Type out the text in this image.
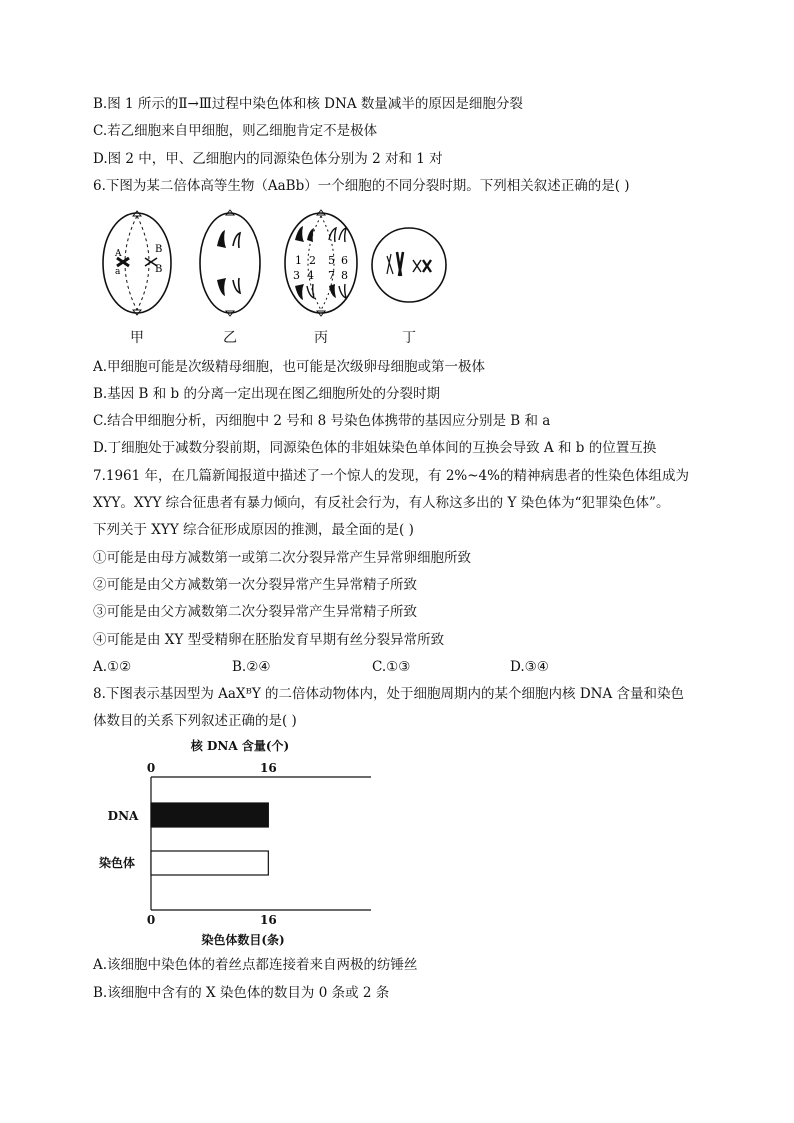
B.图 1 所示的Ⅱ→Ⅲ过程中染色体和核 DNA 数量减半的原因是细胞分裂
C.若乙细胞来自甲细胞，则乙细胞肯定不是极体
D.图 2 中，甲、乙细胞内的同源染色体分别为 2 对和 1 对
6.下图为某二倍体高等生物（AaBb）一个细胞的不同分裂时期。下列相关叙述正确的是( )
A
a
B
B
1 2 5 6
3 4 7 8
甲	乙	丙	丁
A.甲细胞可能是次级精母细胞，也可能是次级卵母细胞或第一极体
B.基因 B 和 b 的分离一定出现在图乙细胞所处的分裂时期
C.结合甲细胞分析，丙细胞中 2 号和 8 号染色体携带的基因应分别是 B 和 a
D.丁细胞处于减数分裂前期，同源染色体的非姐妹染色单体间的互换会导致 A 和 b 的位置互换
7.1961 年，在几篇新闻报道中描述了一个惊人的发现，有 2%~4%的精神病患者的性染色体组成为
XYY。XYY 综合征患者有暴力倾向，有反社会行为，有人称这多出的 Y 染色体为“犯罪染色体”。
下列关于 XYY 综合征形成原因的推测，最全面的是( )
①可能是由母方减数第一或第二次分裂异常产生异常卵细胞所致
②可能是由父方减数第一次分裂异常产生异常精子所致
③可能是由父方减数第二次分裂异常产生异常精子所致
④可能是由 XY 型受精卵在胚胎发育早期有丝分裂异常所致
A.①②	B.②④	C.①③	D.③④
8.下图表示基因型为 AaXᴮY 的二倍体动物体内，处于细胞周期内的某个细胞内核 DNA 含量和染色
体数目的关系下列叙述正确的是( )
核 DNA 含量(个)
0	16
0	16
DNA
染色体
染色体数目(条)
A.该细胞中染色体的着丝点都连接着来自两极的纺锤丝
B.该细胞中含有的 X 染色体的数目为 0 条或 2 条
